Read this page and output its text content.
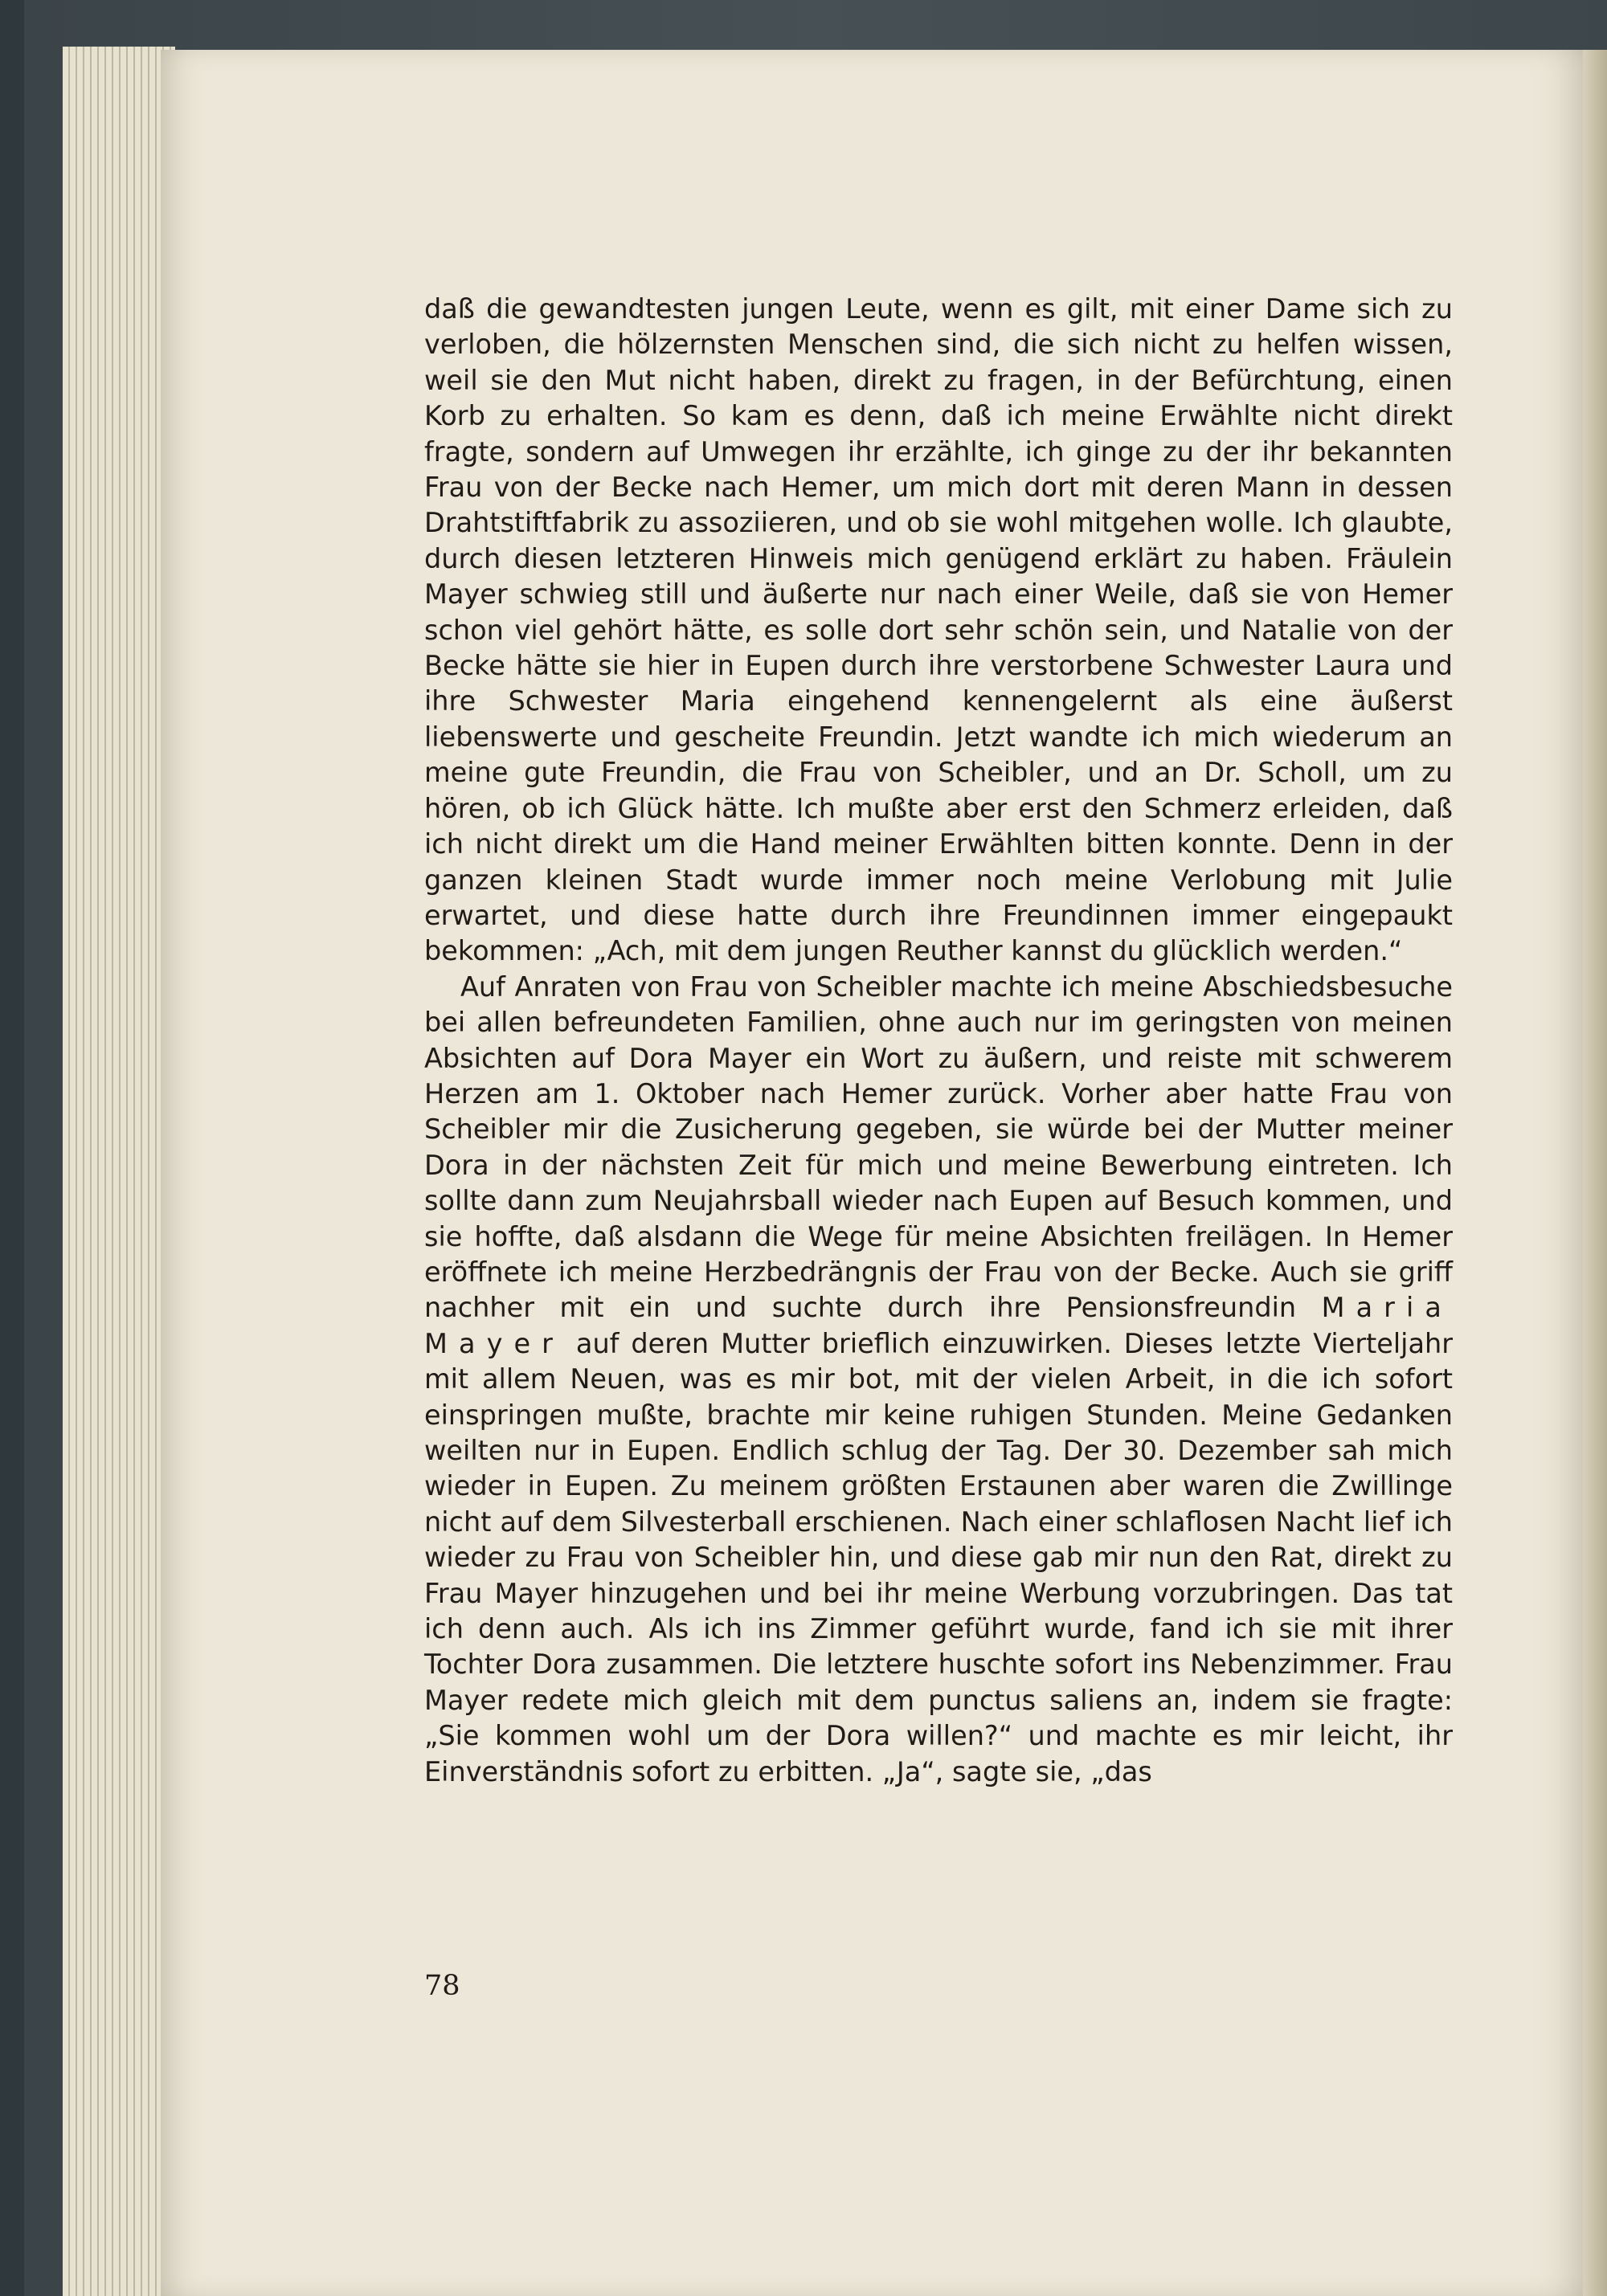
daß die gewandtesten jungen Leute, wenn es gilt, mit einer Dame sich zu verloben, die hölzernsten Menschen sind, die sich nicht zu helfen wissen, weil sie den Mut nicht haben, direkt zu fragen, in der Befürchtung, einen Korb zu erhalten. So kam es denn, daß ich meine Erwählte nicht direkt fragte, sondern auf Umwegen ihr erzählte, ich ginge zu der ihr bekannten Frau von der Becke nach Hemer, um mich dort mit deren Mann in dessen Drahtstiftfabrik zu assoziieren, und ob sie wohl mitgehen wolle. Ich glaubte, durch diesen letzteren Hinweis mich genügend erklärt zu haben. Fräulein Mayer schwieg still und äußerte nur nach einer Weile, daß sie von Hemer schon viel gehört hätte, es solle dort sehr schön sein, und Natalie von der Becke hätte sie hier in Eupen durch ihre verstorbene Schwester Laura und ihre Schwester Maria eingehend kennengelernt als eine äußerst liebenswerte und gescheite Freundin. Jetzt wandte ich mich wiederum an meine gute Freundin, die Frau von Scheibler, und an Dr. Scholl, um zu hören, ob ich Glück hätte. Ich mußte aber erst den Schmerz erleiden, daß ich nicht direkt um die Hand meiner Erwählten bitten konnte. Denn in der ganzen kleinen Stadt wurde immer noch meine Verlobung mit Julie erwartet, und diese hatte durch ihre Freundinnen immer eingepaukt bekommen: „Ach, mit dem jungen Reuther kannst du glücklich werden.“

Auf Anraten von Frau von Scheibler machte ich meine Abschiedsbesuche bei allen befreundeten Familien, ohne auch nur im geringsten von meinen Absichten auf Dora Mayer ein Wort zu äußern, und reiste mit schwerem Herzen am 1. Oktober nach Hemer zurück. Vorher aber hatte Frau von Scheibler mir die Zusicherung gegeben, sie würde bei der Mutter meiner Dora in der nächsten Zeit für mich und meine Bewerbung eintreten. Ich sollte dann zum Neujahrsball wieder nach Eupen auf Besuch kommen, und sie hoffte, daß alsdann die Wege für meine Absichten freilägen. In Hemer eröffnete ich meine Herzbedrängnis der Frau von der Becke. Auch sie griff nachher mit ein und suchte durch ihre Pensionsfreundin Maria Mayer auf deren Mutter brieflich einzuwirken. Dieses letzte Vierteljahr mit allem Neuen, was es mir bot, mit der vielen Arbeit, in die ich sofort einspringen mußte, brachte mir keine ruhigen Stunden. Meine Gedanken weilten nur in Eupen. Endlich schlug der Tag. Der 30. Dezember sah mich wieder in Eupen. Zu meinem größten Erstaunen aber waren die Zwillinge nicht auf dem Silvesterball erschienen. Nach einer schlaflosen Nacht lief ich wieder zu Frau von Scheibler hin, und diese gab mir nun den Rat, direkt zu Frau Mayer hinzugehen und bei ihr meine Werbung vorzubringen. Das tat ich denn auch. Als ich ins Zimmer geführt wurde, fand ich sie mit ihrer Tochter Dora zusammen. Die letztere huschte sofort ins Nebenzimmer. Frau Mayer redete mich gleich mit dem punctus saliens an, indem sie fragte: „Sie kommen wohl um der Dora willen?“ und machte es mir leicht, ihr Einverständnis sofort zu erbitten. „Ja“, sagte sie, „das

78
